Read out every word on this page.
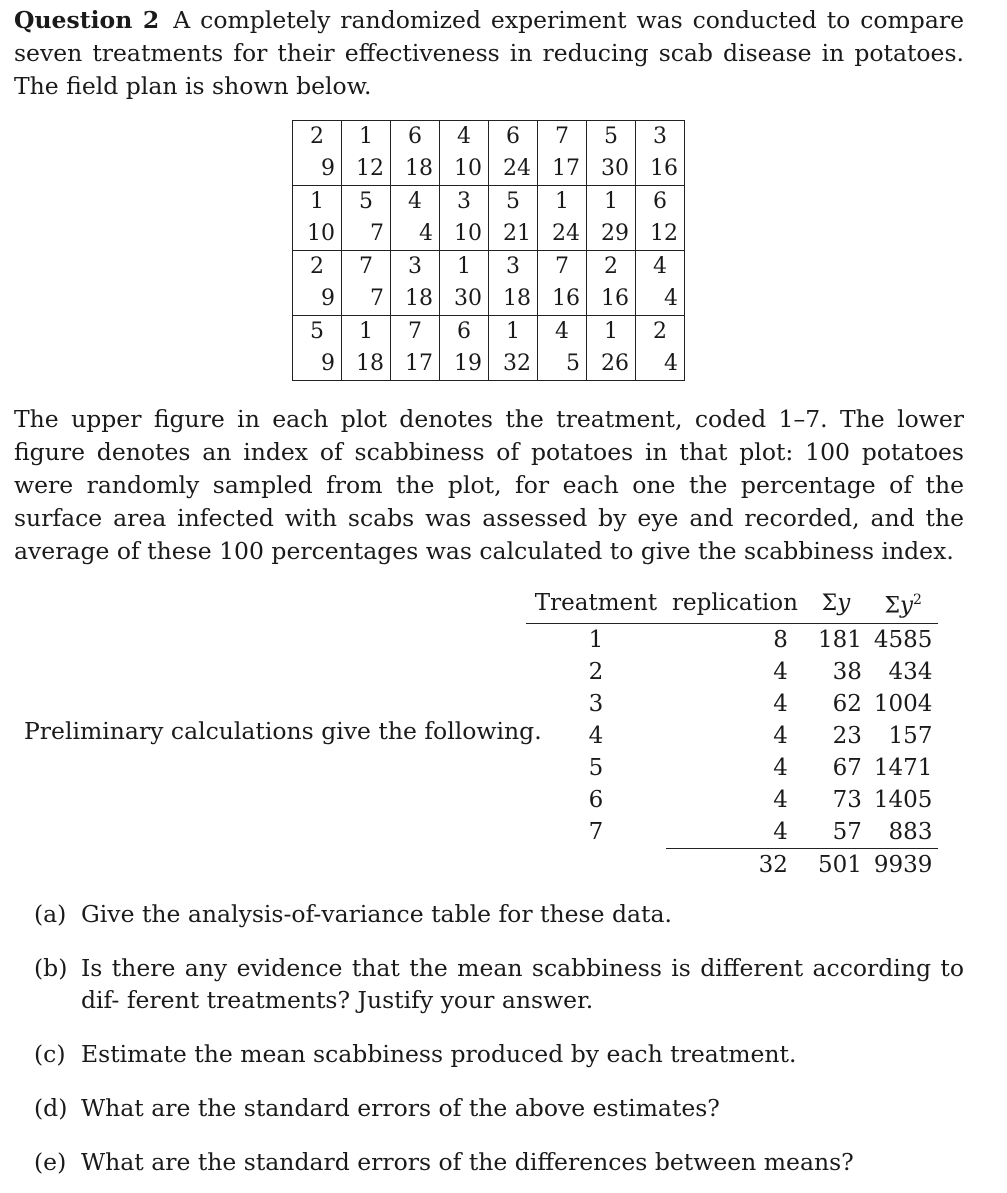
Question 2 A completely randomized experiment was conducted to compare seven treatments for their effectiveness in reducing scab disease in potatoes. The field plan is shown below.
2	1	6	4	6	7	5	3
9	12	18	10	24	17	30	16
1	5	4	3	5	1	1	6
10	7	4	10	21	24	29	12
2	7	3	1	3	7	2	4
9	7	18	30	18	16	16	4
5	1	7	6	1	4	1	2
9	18	17	19	32	5	26	4
The upper figure in each plot denotes the treatment, coded 1–7. The lower figure denotes an index of scabbiness of potatoes in that plot: 100 potatoes were randomly sampled from the plot, for each one the percentage of the surface area infected with scabs was assessed by eye and recorded, and the average of these 100 percentages was calculated to give the scabbiness index.
Preliminary calculations give the following.
Treatment	replication	Σy	$\Sigma y^2$
1	8	181	4585
2	4	38	434
3	4	62	1004
4	4	23	157
5	4	67	1471
6	4	73	1405
7	4	57	883
	32	501	9939
(a) Give the analysis-of-variance table for these data.
(b) Is there any evidence that the mean scabbiness is different according to dif- ferent treatments? Justify your answer.
(c) Estimate the mean scabbiness produced by each treatment.
(d) What are the standard errors of the above estimates?
(e) What are the standard errors of the differences between means?
